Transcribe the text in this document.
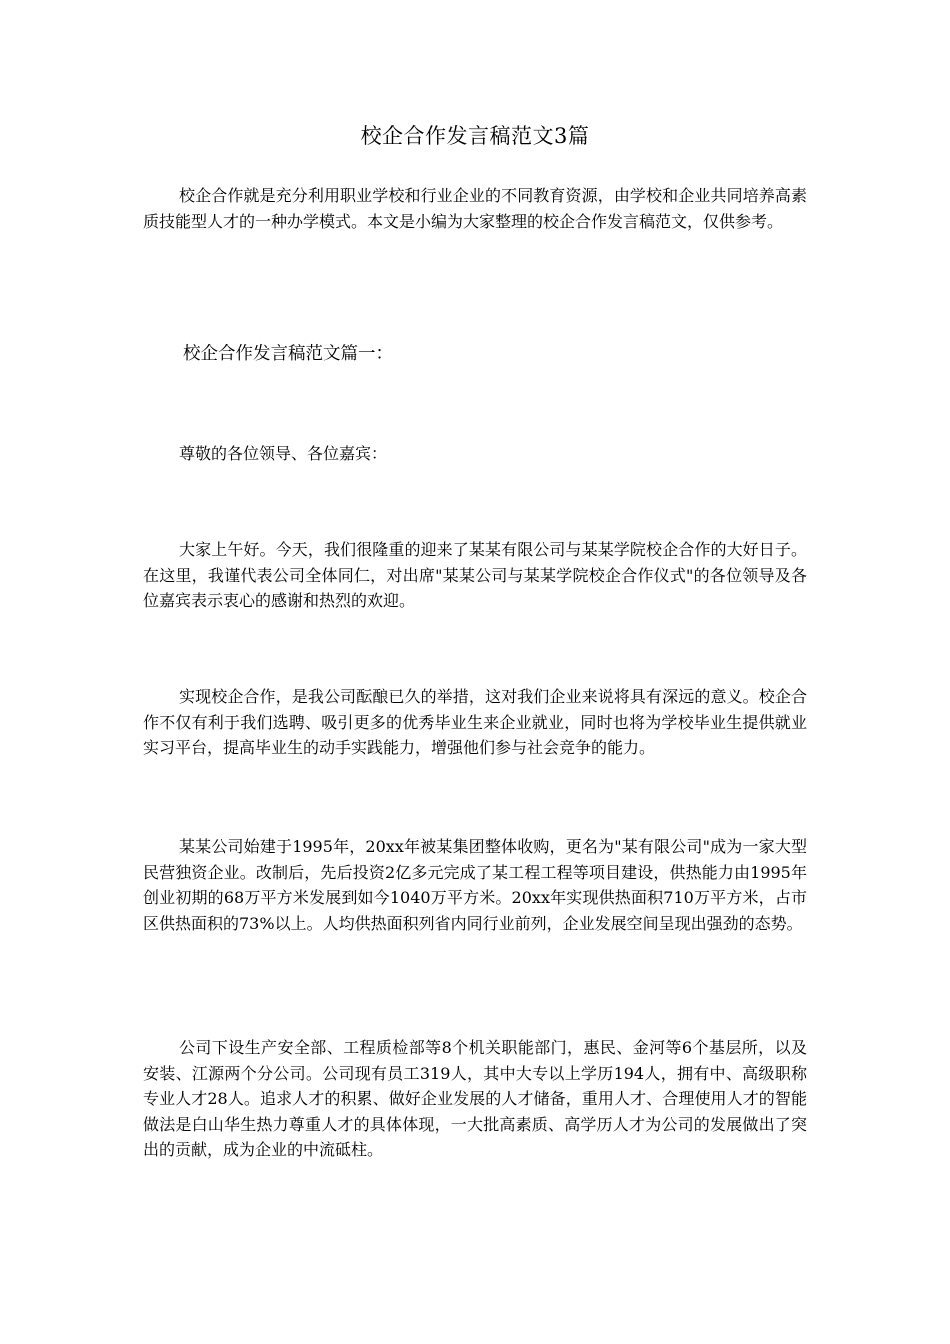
校企合作发言稿范文3篇
校企合作就是充分利用职业学校和行业企业的不同教育资源，由学校和企业共同培养高素质技能型人才的一种办学模式。本文是小编为大家整理的校企合作发言稿范文，仅供参考。
校企合作发言稿范文篇一：
尊敬的各位领导、各位嘉宾：
大家上午好。今天，我们很隆重的迎来了某某有限公司与某某学院校企合作的大好日子。在这里，我谨代表公司全体同仁，对出席"某某公司与某某学院校企合作仪式"的各位领导及各位嘉宾表示衷心的感谢和热烈的欢迎。
实现校企合作，是我公司酝酿已久的举措，这对我们企业来说将具有深远的意义。校企合作不仅有利于我们选聘、吸引更多的优秀毕业生来企业就业，同时也将为学校毕业生提供就业实习平台，提高毕业生的动手实践能力，增强他们参与社会竞争的能力。
某某公司始建于1995年，20xx年被某集团整体收购，更名为"某有限公司"成为一家大型民营独资企业。改制后，先后投资2亿多元完成了某工程工程等项目建设，供热能力由1995年创业初期的68万平方米发展到如今1040万平方米。20xx年实现供热面积710万平方米，占市区供热面积的73%以上。人均供热面积列省内同行业前列，企业发展空间呈现出强劲的态势。
公司下设生产安全部、工程质检部等8个机关职能部门，惠民、金河等6个基层所，以及安装、江源两个分公司。公司现有员工319人，其中大专以上学历194人，拥有中、高级职称专业人才28人。追求人才的积累、做好企业发展的人才储备，重用人才、合理使用人才的智能做法是白山华生热力尊重人才的具体体现，一大批高素质、高学历人才为公司的发展做出了突出的贡献，成为企业的中流砥柱。
